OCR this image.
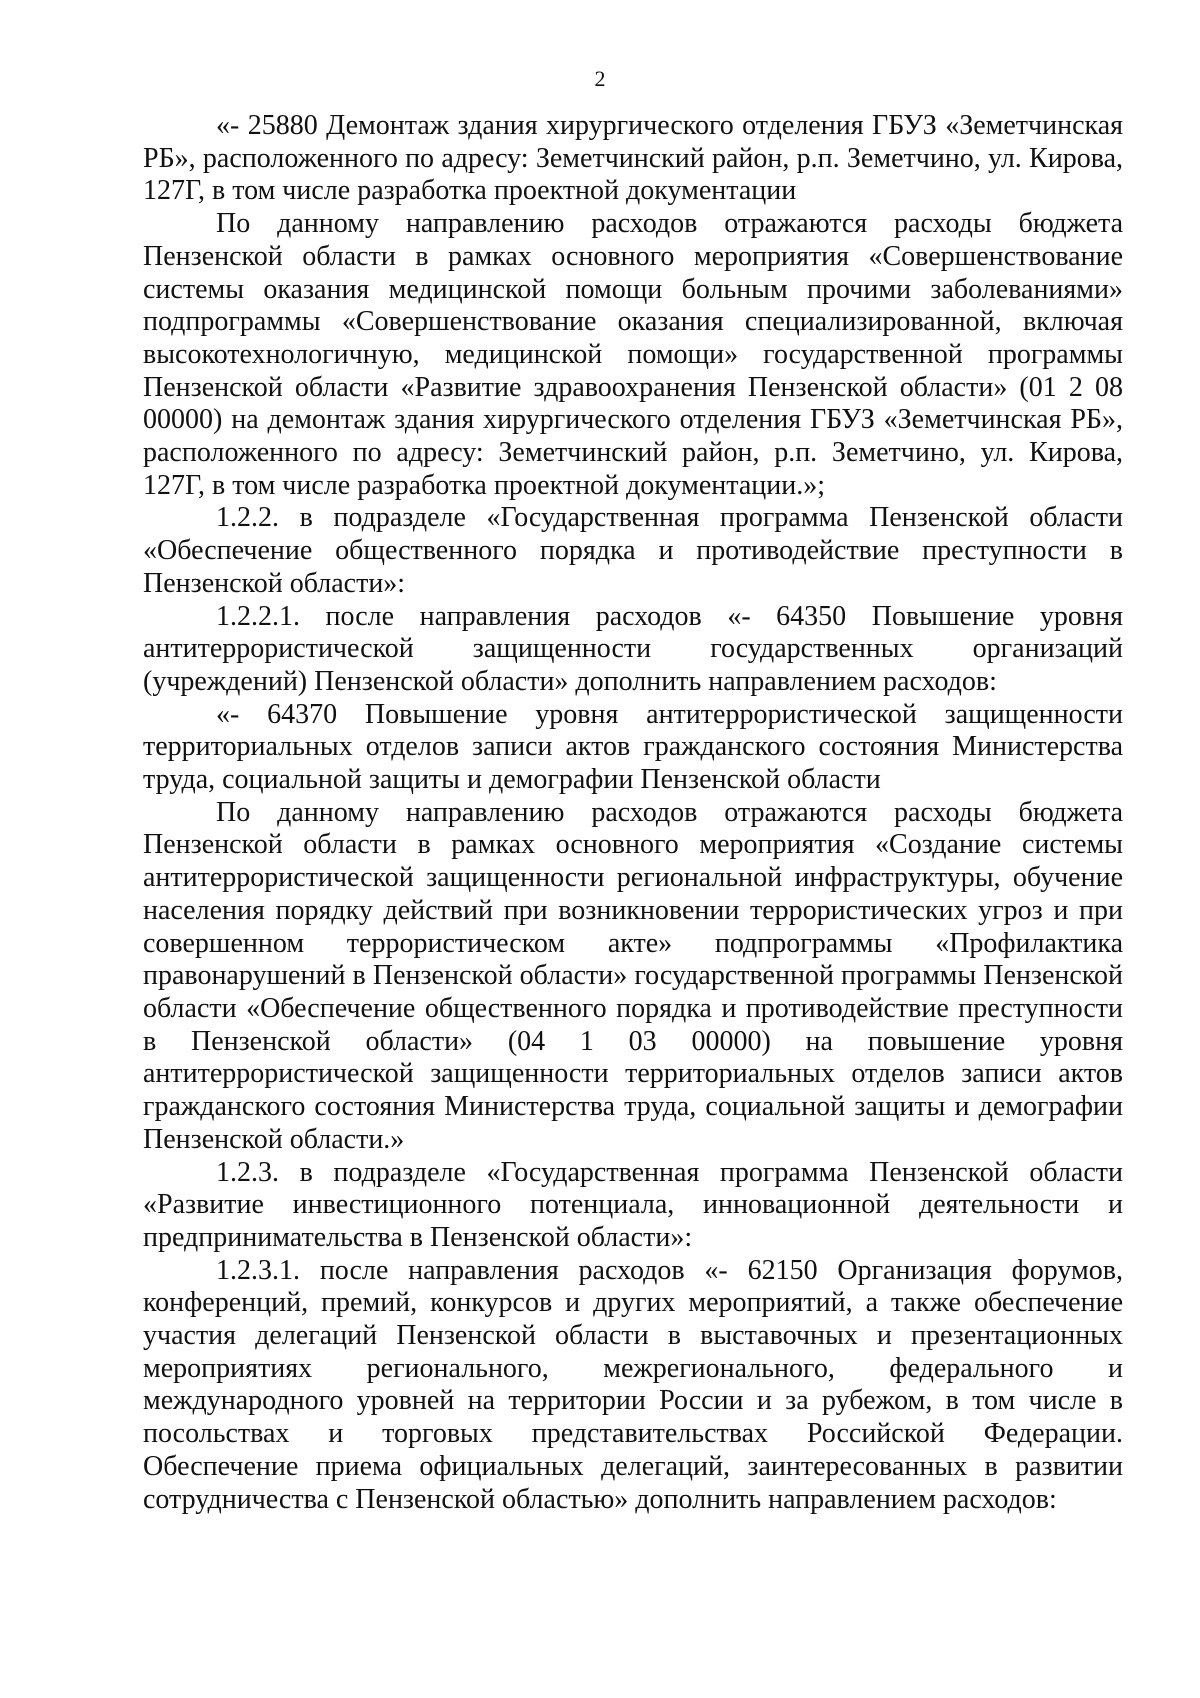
2

«- 25880 Демонтаж здания хирургического отделения ГБУЗ «Земетчинская РБ», расположенного по адресу: Земетчинский район, р.п. Земетчино, ул. Кирова, 127Г, в том числе разработка проектной документации

По данному направлению расходов отражаются расходы бюджета Пензенской области в рамках основного мероприятия «Совершенствование системы оказания медицинской помощи больным прочими заболеваниями» подпрограммы «Совершенствование оказания специализированной, включая высокотехнологичную, медицинской помощи» государственной программы Пензенской области «Развитие здравоохранения Пензенской области» (01 2 08 00000) на демонтаж здания хирургического отделения ГБУЗ «Земетчинская РБ», расположенного по адресу: Земетчинский район, р.п. Земетчино, ул. Кирова, 127Г, в том числе разработка проектной документации.»;

1.2.2. в подразделе «Государственная программа Пензенской области «Обеспечение общественного порядка и противодействие преступности в Пензенской области»:

1.2.2.1. после направления расходов «- 64350 Повышение уровня антитеррористической защищенности государственных организаций (учреждений) Пензенской области» дополнить направлением расходов:

«- 64370 Повышение уровня антитеррористической защищенности территориальных отделов записи актов гражданского состояния Министерства труда, социальной защиты и демографии Пензенской области

По данному направлению расходов отражаются расходы бюджета Пензенской области в рамках основного мероприятия «Создание системы антитеррористической защищенности региональной инфраструктуры, обучение населения порядку действий при возникновении террористических угроз и при совершенном террористическом акте» подпрограммы «Профилактика правонарушений в Пензенской области» государственной программы Пензенской области «Обеспечение общественного порядка и противодействие преступности в Пензенской области» (04 1 03 00000) на повышение уровня антитеррористической защищенности территориальных отделов записи актов гражданского состояния Министерства труда, социальной защиты и демографии Пензенской области.»

1.2.3. в подразделе «Государственная программа Пензенской области «Развитие инвестиционного потенциала, инновационной деятельности и предпринимательства в Пензенской области»:

1.2.3.1. после направления расходов «- 62150 Организация форумов, конференций, премий, конкурсов и других мероприятий, а также обеспечение участия делегаций Пензенской области в выставочных и презентационных мероприятиях регионального, межрегионального, федерального и международного уровней на территории России и за рубежом, в том числе в посольствах и торговых представительствах Российской Федерации. Обеспечение приема официальных делегаций, заинтересованных в развитии сотрудничества с Пензенской областью» дополнить направлением расходов:
